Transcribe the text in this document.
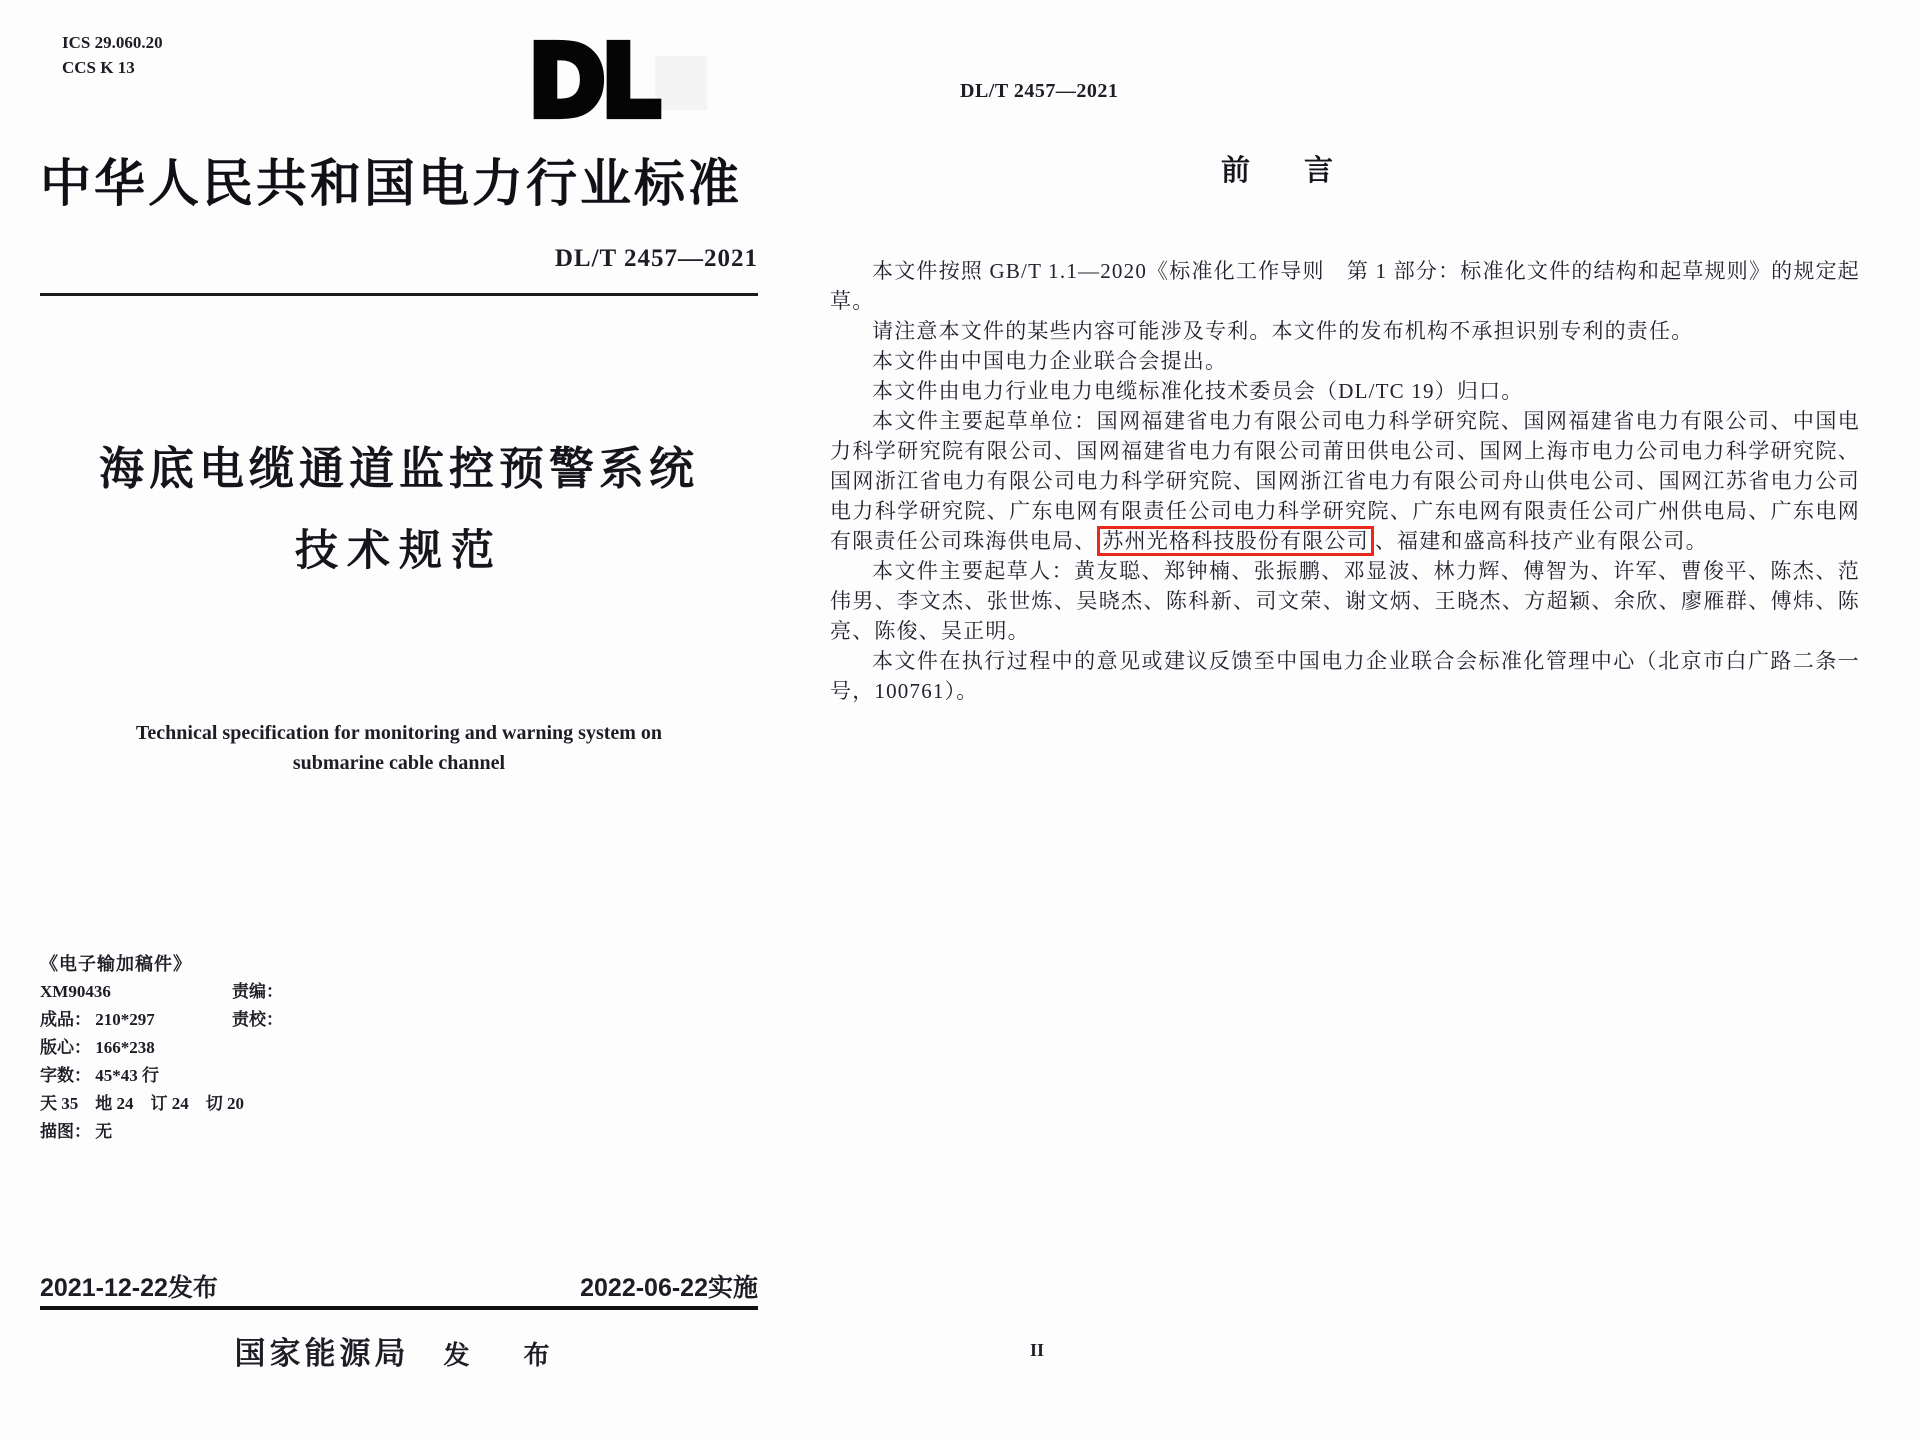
ICS 29.060.20
CCS K 13	DL
中华人民共和国电力行业标准
DL/T 2457—2021
海底电缆通道监控预警系统
技术规范
Technical specification for monitoring and warning system on
submarine cable channel
《电子输加稿件》
XM90436	责编：
成品： 210*297	责校：
版心： 166*238
字数： 45*43 行
天 35　地 24　订 24　切 20
描图： 无
2021-12-22发布	2022-06-22实施
国家能源局 发　布
DL/T 2457—2021
前 言

本文件按照 GB/T 1.1—2020《标准化工作导则　第 1 部分：标准化文件的结构和起草规则》的规定起草。

请注意本文件的某些内容可能涉及专利。本文件的发布机构不承担识别专利的责任。

本文件由中国电力企业联合会提出。

本文件由电力行业电力电缆标准化技术委员会（DL/TC 19）归口。

本文件主要起草单位：国网福建省电力有限公司电力科学研究院、国网福建省电力有限公司、中国电力科学研究院有限公司、国网福建省电力有限公司莆田供电公司、国网上海市电力公司电力科学研究院、国网浙江省电力有限公司电力科学研究院、国网浙江省电力有限公司舟山供电公司、国网江苏省电力公司电力科学研究院、广东电网有限责任公司电力科学研究院、广东电网有限责任公司广州供电局、广东电网有限责任公司珠海供电局、 苏州光格科技股份有限公司 、福建和盛高科技产业有限公司。

本文件主要起草人：黄友聪、郑钟楠、张振鹏、邓显波、林力辉、傅智为、许军、曹俊平、陈杰、范伟男、李文杰、张世炼、吴晓杰、陈科新、司文荣、谢文炳、王晓杰、方超颖、余欣、廖雁群、傅炜、陈亮、陈俊、吴正明。

本文件在执行过程中的意见或建议反馈至中国电力企业联合会标准化管理中心（北京市白广路二条一号，100761）。

II
